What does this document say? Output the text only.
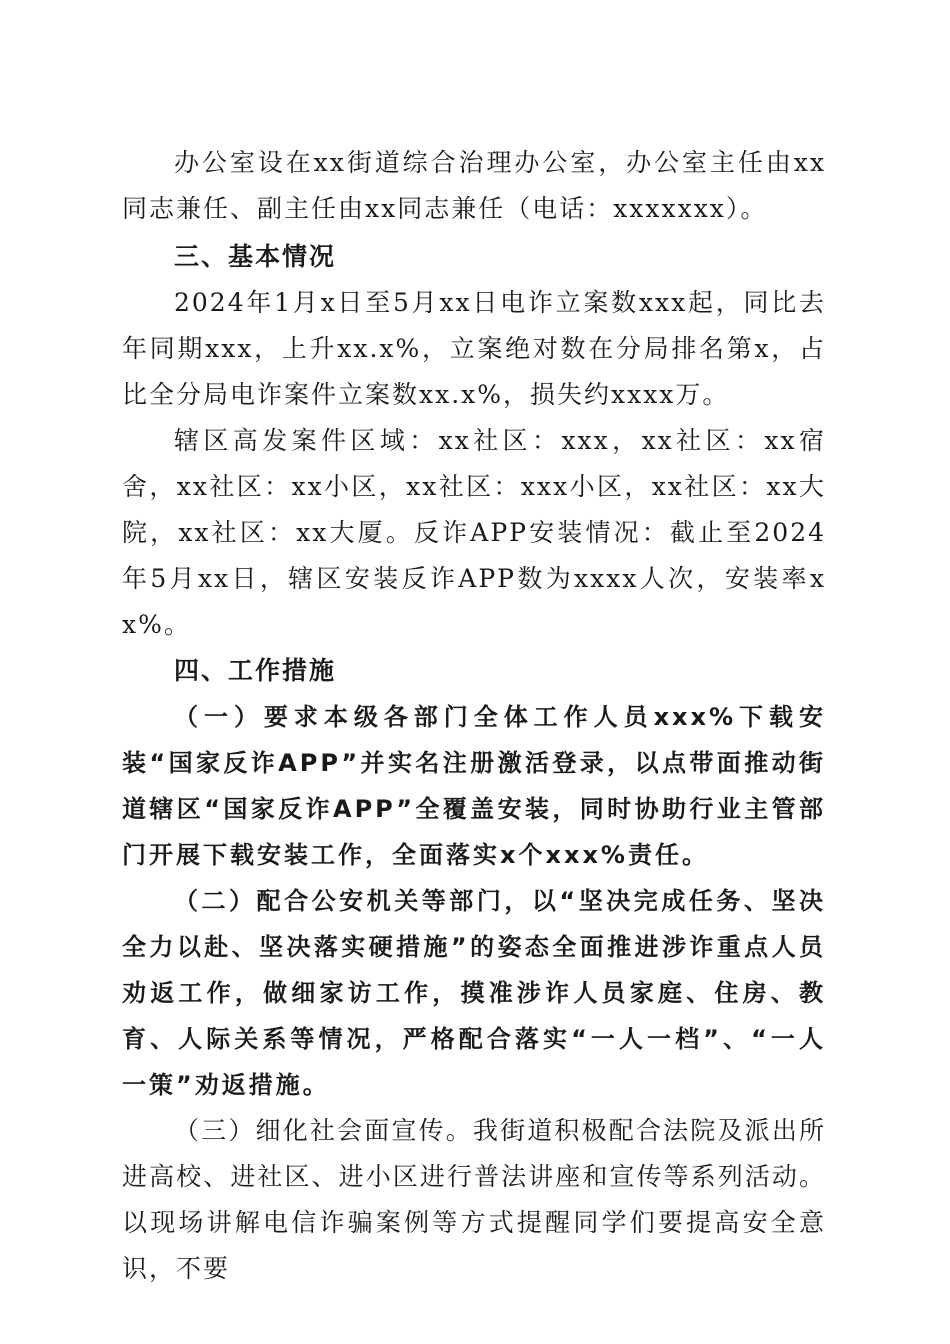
办公室设在xx街道综合治理办公室，办公室主任由xx同志兼任、副主任由xx同志兼任（电话：xxxxxxx）。

三、基本情况

2024年1月x日至5月xx日电诈立案数xxx起，同比去年同期xxx，上升xx.x%，立案绝对数在分局排名第x，占比全分局电诈案件立案数xx.x%，损失约xxxx万。

辖区高发案件区域：xx社区：xxx，xx社区：xx宿舍，xx社区：xx小区，xx社区：xxx小区，xx社区：xx大院，xx社区：xx大厦。反诈APP安装情况：截止至2024年5月xx日，辖区安装反诈APP数为xxxx人次，安装率xx%。

四、工作措施

（一）要求本级各部门全体工作人员xxx%下载安装“国家反诈APP”并实名注册激活登录，以点带面推动街道辖区“国家反诈APP”全覆盖安装，同时协助行业主管部门开展下载安装工作，全面落实x个xxx%责任。

（二）配合公安机关等部门，以“坚决完成任务、坚决全力以赴、坚决落实硬措施”的姿态全面推进涉诈重点人员劝返工作，做细家访工作，摸准涉诈人员家庭、住房、教育、人际关系等情况，严格配合落实“一人一档”、“一人一策”劝返措施。

（三）细化社会面宣传。我街道积极配合法院及派出所进高校、进社区、进小区进行普法讲座和宣传等系列活动。以现场讲解电信诈骗案例等方式提醒同学们要提高安全意识，不要
